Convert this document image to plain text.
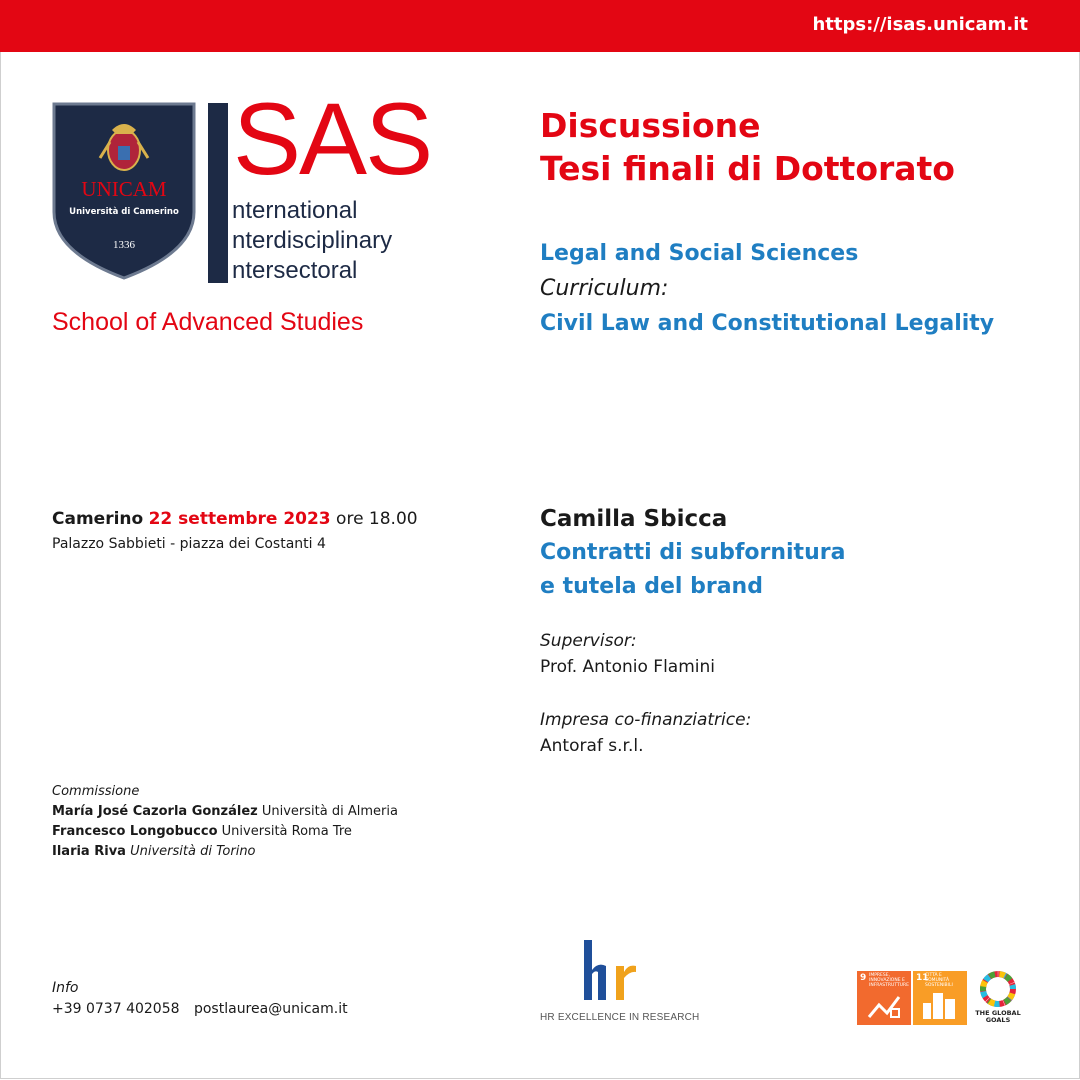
https://isas.unicam.it
UNICAM
Università di Camerino
1336
SAS
nternational
nterdisciplinary
ntersectoral
School of Advanced Studies
Discussione
Tesi finali di Dottorato
Legal and Social Sciences
Curriculum:
Civil Law and Constitutional Legality
Camerino 22 settembre 2023 ore 18.00
Palazzo Sabbieti - piazza dei Costanti 4
Camilla Sbicca
Contratti di subfornitura
e tutela del brand
Supervisor:
Prof. Antonio Flamini
Impresa co-finanziatrice:
Antoraf s.r.l.
Commissione
María José Cazorla González Università di Almeria
Francesco Longobucco Università Roma Tre
Ilaria Riva Università di Torino
Info
+39 0737 402058 postlaurea@unicam.it
HR EXCELLENCE IN RESEARCH
9 IMPRESE, INNOVAZIONE E INFRASTRUTTURE
11
CITTÀ E COMUNITÀ SOSTENIBILI
THE GLOBAL GOALS
